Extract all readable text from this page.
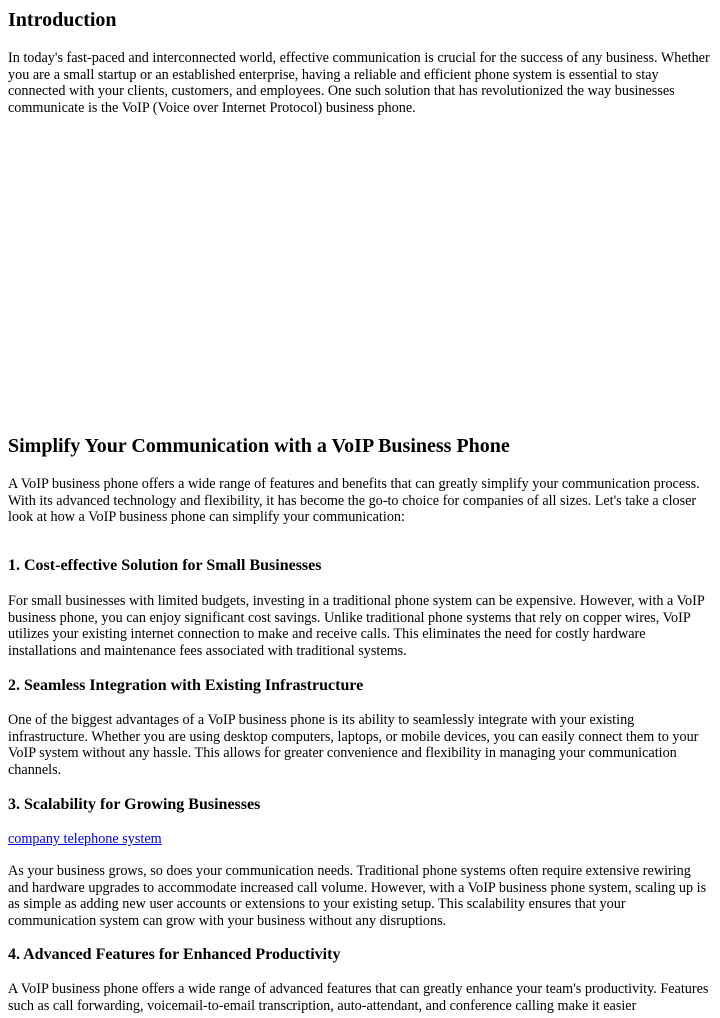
Introduction

In today's fast-paced and interconnected world, effective communication is crucial for the success of any business. Whether you are a small startup or an established enterprise, having a reliable and efficient phone system is essential to stay connected with your clients, customers, and employees. One such solution that has revolutionized the way businesses communicate is the VoIP (Voice over Internet Protocol) business phone.

Simplify Your Communication with a VoIP Business Phone

A VoIP business phone offers a wide range of features and benefits that can greatly simplify your communication process. With its advanced technology and flexibility, it has become the go-to choice for companies of all sizes. Let's take a closer look at how a VoIP business phone can simplify your communication:

1. Cost-effective Solution for Small Businesses

For small businesses with limited budgets, investing in a traditional phone system can be expensive. However, with a VoIP business phone, you can enjoy significant cost savings. Unlike traditional phone systems that rely on copper wires, VoIP utilizes your existing internet connection to make and receive calls. This eliminates the need for costly hardware installations and maintenance fees associated with traditional systems.

2. Seamless Integration with Existing Infrastructure

One of the biggest advantages of a VoIP business phone is its ability to seamlessly integrate with your existing infrastructure. Whether you are using desktop computers, laptops, or mobile devices, you can easily connect them to your VoIP system without any hassle. This allows for greater convenience and flexibility in managing your communication channels.

3. Scalability for Growing Businesses
company telephone system

As your business grows, so does your communication needs. Traditional phone systems often require extensive rewiring and hardware upgrades to accommodate increased call volume. However, with a VoIP business phone system, scaling up is as simple as adding new user accounts or extensions to your existing setup. This scalability ensures that your communication system can grow with your business without any disruptions.

4. Advanced Features for Enhanced Productivity

A VoIP business phone offers a wide range of advanced features that can greatly enhance your team's productivity. Features such as call forwarding, voicemail-to-email transcription, auto-attendant, and conference calling make it easier
